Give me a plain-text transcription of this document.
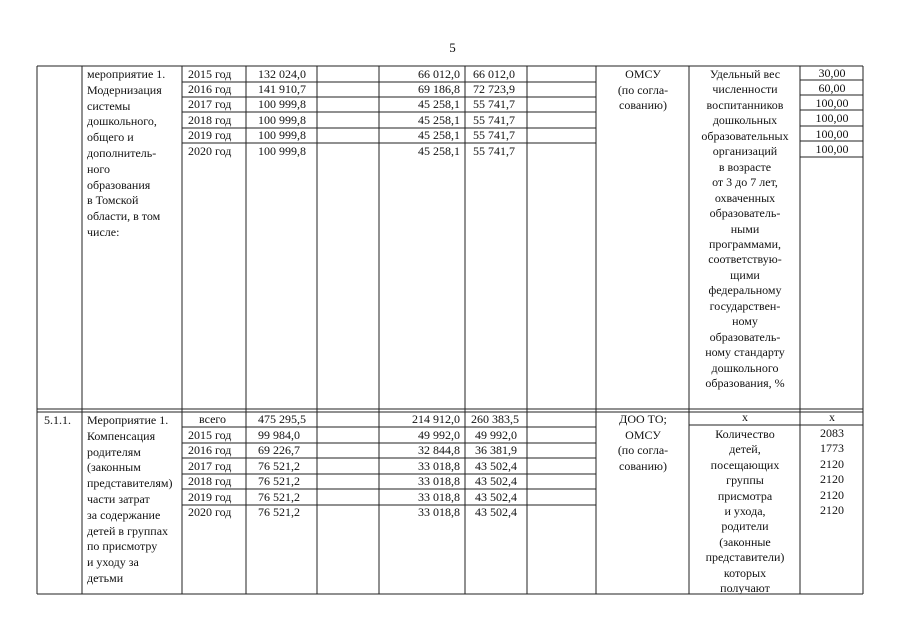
5
мероприятие 1.
Модернизация
системы
дошкольного,
общего и
дополнитель-
ного
образования
в Томской
области, в том
числе:
2015 год
2016 год
2017 год
2018 год
2019 год
2020 год
132 024,0
141 910,7
100 999,8
100 999,8
100 999,8
100 999,8
66 012,0
69 186,8
45 258,1
45 258,1
45 258,1
45 258,1
66 012,0
72 723,9
55 741,7
55 741,7
55 741,7
55 741,7
ОМСУ
(по согла-
сованию)
Удельный вес
численности
воспитанников
дошкольных
образовательных
организаций
в возрасте
от 3 до 7 лет,
охваченных
образователь-
ными
программами,
соответствую-
щими
федеральному
государствен-
ному
образователь-
ному стандарту
дошкольного
образования, %
30,00
60,00
100,00
100,00
100,00
100,00
5.1.1. Мероприятие 1.
Компенсация
родителям
(законным
представителям)
части затрат
за содержание
детей в группах
по присмотру
и уходу за
детьми
всего
2015 год
2016 год
2017 год
2018 год
2019 год
2020 год
475 295,5
99 984,0
69 226,7
76 521,2
76 521,2
76 521,2
76 521,2
214 912,0
49 992,0
32 844,8
33 018,8
33 018,8
33 018,8
33 018,8
260 383,5
49 992,0
36 381,9
43 502,4
43 502,4
43 502,4
43 502,4
ДОО ТО;
ОМСУ
(по согла-
сованию)
х
Количество
детей,
посещающих
группы
присмотра
и ухода,
родители
(законные
представители)
которых
получают
х
2083
1773
2120
2120
2120
2120
